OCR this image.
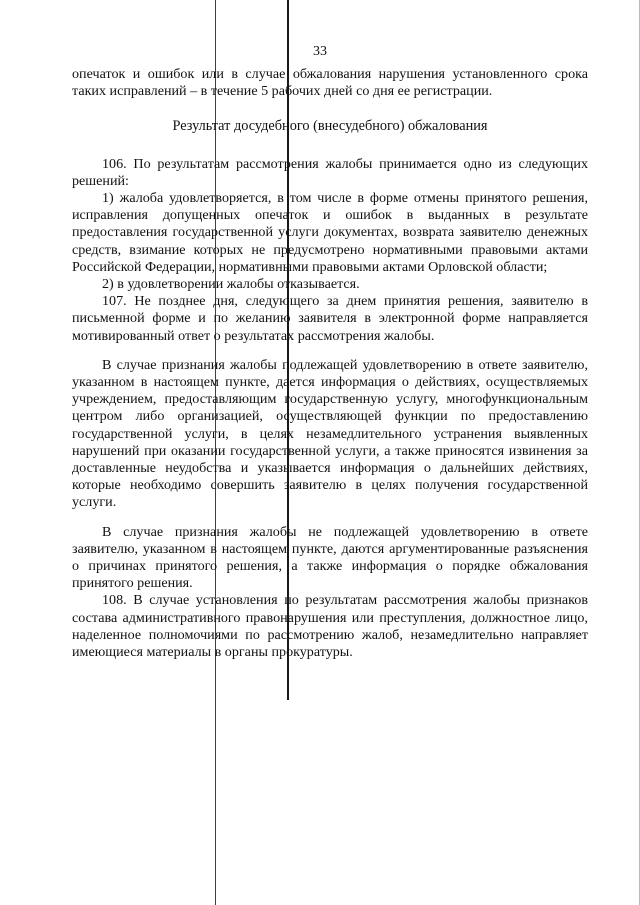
33

опечаток и ошибок или в случае обжалования нарушения установленного срока таких исправлений – в течение 5 рабочих дней со дня ее регистрации.

Результат досудебного (внесудебного) обжалования

106. По результатам рассмотрения жалобы принимается одно из следующих решений:

1) жалоба удовлетворяется, в том числе в форме отмены принятого решения, исправления допущенных опечаток и ошибок в выданных в результате предоставления государственной услуги документах, возврата заявителю денежных средств, взимание которых не предусмотрено нормативными правовыми актами Российской Федерации, нормативными правовыми актами Орловской области;

2) в удовлетворении жалобы отказывается.

107. Не позднее дня, следующего за днем принятия решения, заявителю в письменной форме и по желанию заявителя в электронной форме направляется мотивированный ответ о результатах рассмотрения жалобы.

В случае признания жалобы подлежащей удовлетворению в ответе заявителю, указанном в настоящем пункте, дается информация о действиях, осуществляемых учреждением, предоставляющим государственную услугу, многофункциональным центром либо организацией, осуществляющей функции по предоставлению государственной услуги, в целях незамедлительного устранения выявленных нарушений при оказании государственной услуги, а также приносятся извинения за доставленные неудобства и указывается информация о дальнейших действиях, которые необходимо совершить заявителю в целях получения государственной услуги.

В случае признания жалобы не подлежащей удовлетворению в ответе заявителю, указанном в настоящем пункте, даются аргументированные разъяснения о причинах принятого решения, а также информация о порядке обжалования принятого решения.

108. В случае установления по результатам рассмотрения жалобы признаков состава административного правонарушения или преступления, должностное лицо, наделенное полномочиями по рассмотрению жалоб, незамедлительно направляет имеющиеся материалы в органы прокуратуры.
